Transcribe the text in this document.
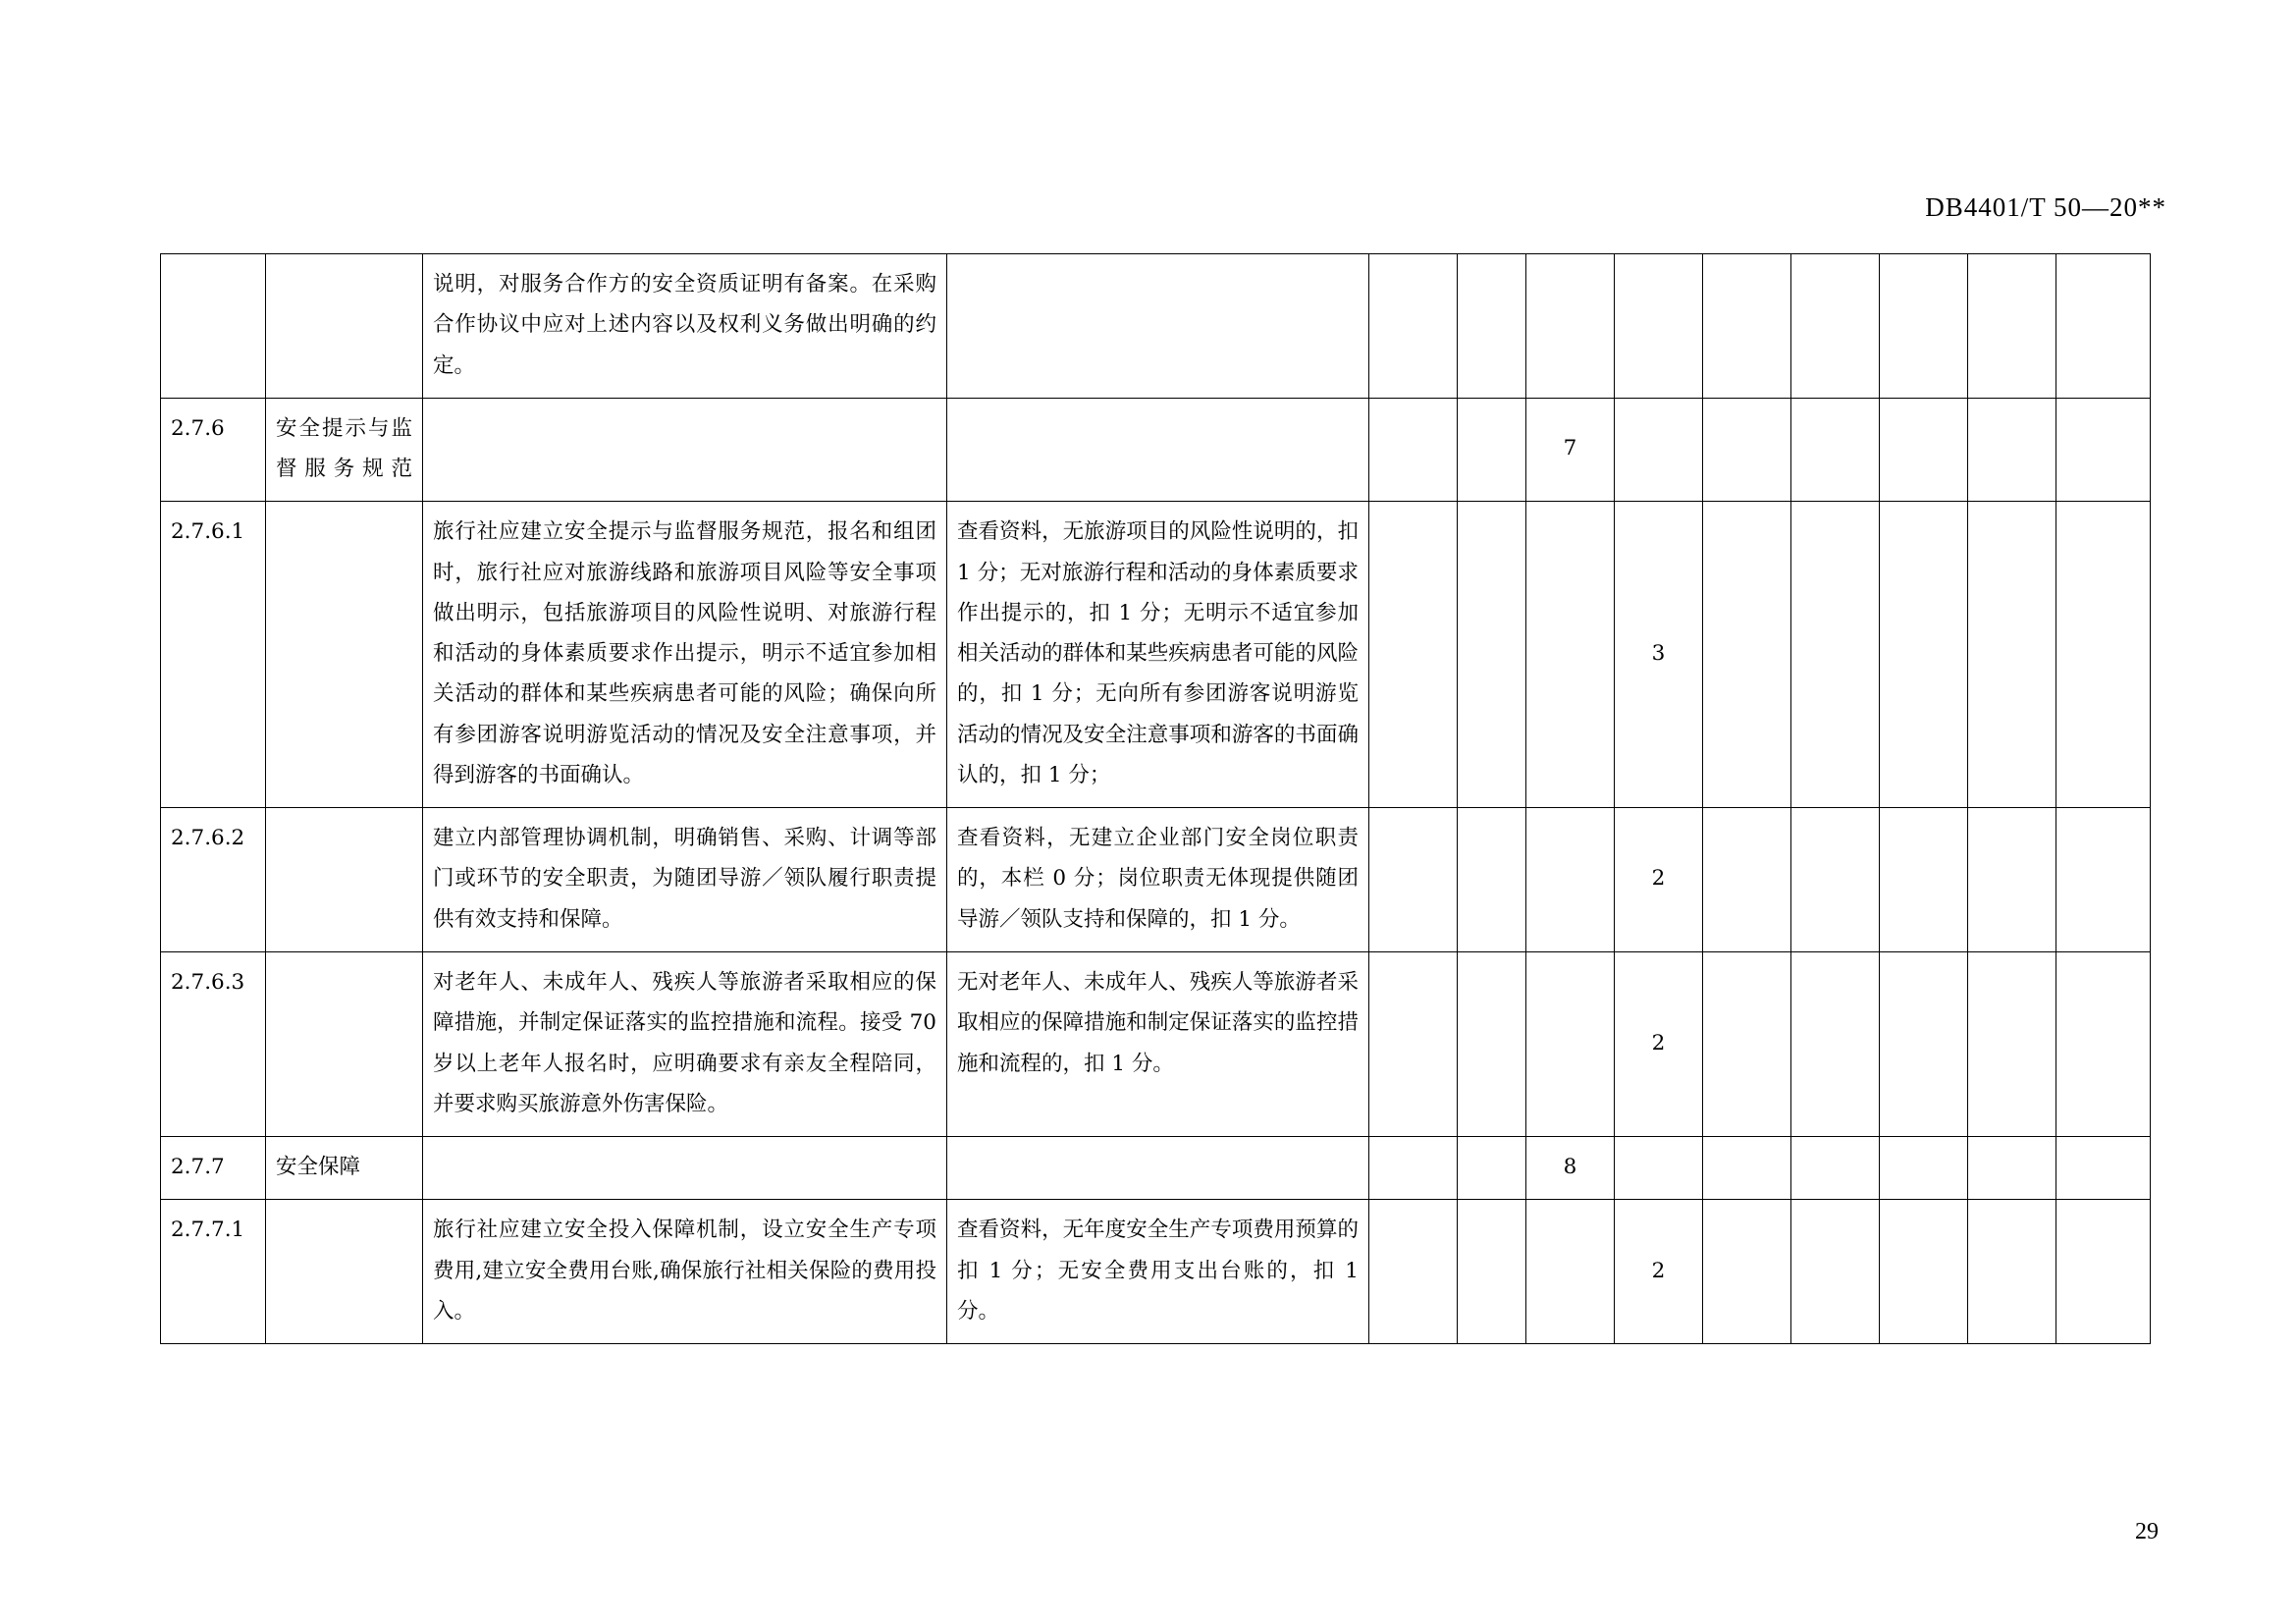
DB4401/T 50—20**
		说明，对服务合作方的安全资质证明有备案。在采购合作协议中应对上述内容以及权利义务做出明确的约定。										
2.7.6	安全提示与监督服务规范					7						
2.7.6.1		旅行社应建立安全提示与监督服务规范，报名和组团时，旅行社应对旅游线路和旅游项目风险等安全事项做出明示，包括旅游项目的风险性说明、对旅游行程和活动的身体素质要求作出提示，明示不适宜参加相关活动的群体和某些疾病患者可能的风险；确保向所有参团游客说明游览活动的情况及安全注意事项，并得到游客的书面确认。	查看资料，无旅游项目的风险性说明的，扣 1 分；无对旅游行程和活动的身体素质要求作出提示的，扣 1 分；无明示不适宜参加相关活动的群体和某些疾病患者可能的风险的，扣 1 分；无向所有参团游客说明游览活动的情况及安全注意事项和游客的书面确认的，扣 1 分；				3					
2.7.6.2		建立内部管理协调机制，明确销售、采购、计调等部门或环节的安全职责，为随团导游／领队履行职责提供有效支持和保障。	查看资料，无建立企业部门安全岗位职责的，本栏 0 分；岗位职责无体现提供随团导游／领队支持和保障的，扣 1 分。				2					
2.7.6.3		对老年人、未成年人、残疾人等旅游者采取相应的保障措施，并制定保证落实的监控措施和流程。接受 70 岁以上老年人报名时，应明确要求有亲友全程陪同，并要求购买旅游意外伤害保险。	无对老年人、未成年人、残疾人等旅游者采取相应的保障措施和制定保证落实的监控措施和流程的，扣 1 分。				2					
2.7.7	安全保障					8						
2.7.7.1		旅行社应建立安全投入保障机制，设立安全生产专项费用,建立安全费用台账,确保旅行社相关保险的费用投入。	查看资料，无年度安全生产专项费用预算的扣 1 分；无安全费用支出台账的，扣 1 分。				2					
29
